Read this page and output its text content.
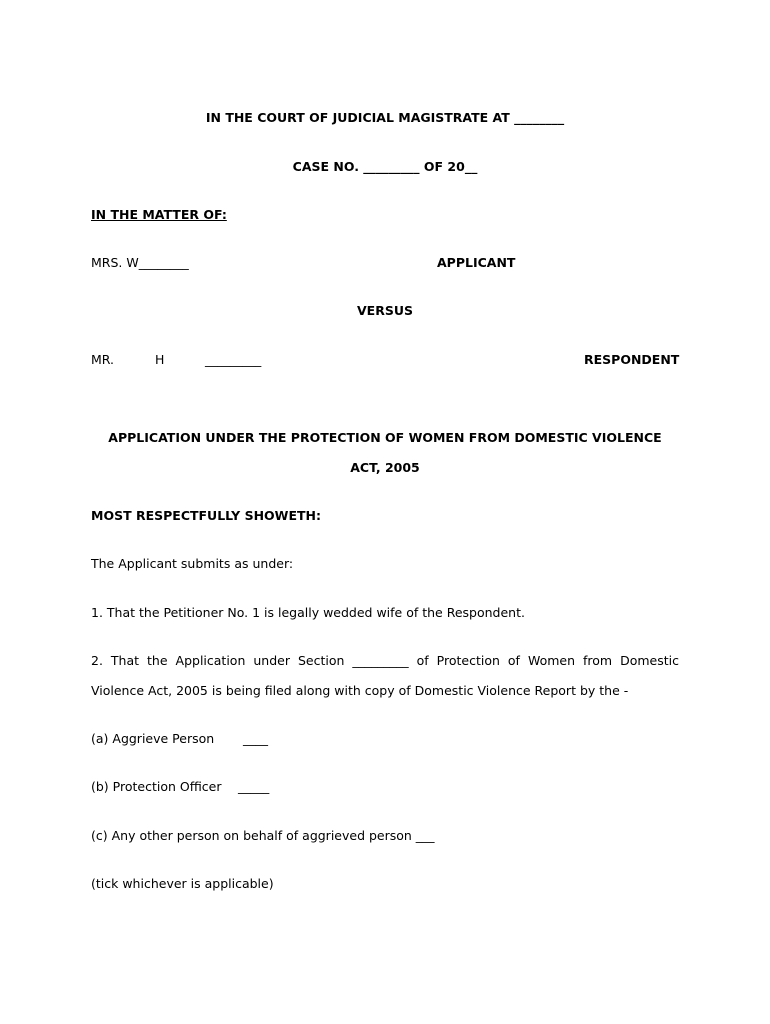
IN THE COURT OF JUDICIAL MAGISTRATE AT ________
CASE NO. _________ OF 20__
IN THE MATTER OF:
MRS. W________	APPLICANT
VERSUS
MR.	H	_________	RESPONDENT
APPLICATION UNDER THE PROTECTION OF WOMEN FROM DOMESTIC VIOLENCE
ACT, 2005
MOST RESPECTFULLY SHOWETH:
The Applicant submits as under:
1. That the Petitioner No. 1 is legally wedded wife of the Respondent.
2. That the Application under Section _________ of Protection of Women from Domestic
Violence Act, 2005 is being filed along with copy of Domestic Violence Report by the -
(a) Aggrieve Person ____
(b) Protection Officer _____
(c) Any other person on behalf of aggrieved person ___
(tick whichever is applicable)
